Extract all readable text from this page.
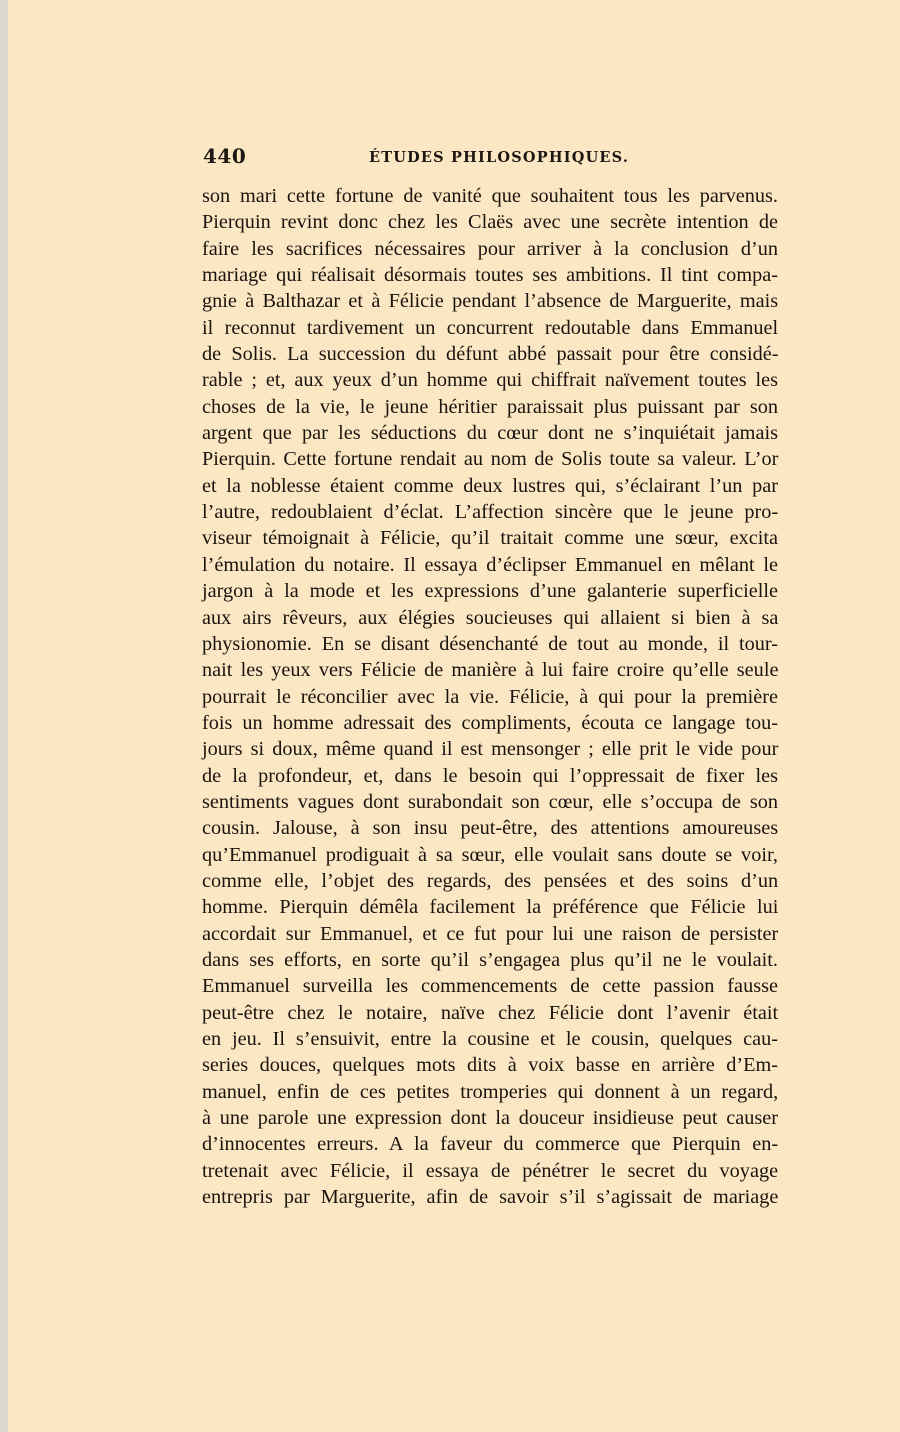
440	ÉTUDES PHILOSOPHIQUES.
son mari cette fortune de vanité que souhaitent tous les parvenus.
Pierquin revint donc chez les Claës avec une secrète intention de
faire les sacrifices nécessaires pour arriver à la conclusion d’un
mariage qui réalisait désormais toutes ses ambitions. Il tint compa-
gnie à Balthazar et à Félicie pendant l’absence de Marguerite, mais
il reconnut tardivement un concurrent redoutable dans Emmanuel
de Solis. La succession du défunt abbé passait pour être considé-
rable ; et, aux yeux d’un homme qui chiffrait naïvement toutes les
choses de la vie, le jeune héritier paraissait plus puissant par son
argent que par les séductions du cœur dont ne s’inquiétait jamais
Pierquin. Cette fortune rendait au nom de Solis toute sa valeur. L’or
et la noblesse étaient comme deux lustres qui, s’éclairant l’un par
l’autre, redoublaient d’éclat. L’affection sincère que le jeune pro-
viseur témoignait à Félicie, qu’il traitait comme une sœur, excita
l’émulation du notaire. Il essaya d’éclipser Emmanuel en mêlant le
jargon à la mode et les expressions d’une galanterie superficielle
aux airs rêveurs, aux élégies soucieuses qui allaient si bien à sa
physionomie. En se disant désenchanté de tout au monde, il tour-
nait les yeux vers Félicie de manière à lui faire croire qu’elle seule
pourrait le réconcilier avec la vie. Félicie, à qui pour la première
fois un homme adressait des compliments, écouta ce langage tou-
jours si doux, même quand il est mensonger ; elle prit le vide pour
de la profondeur, et, dans le besoin qui l’oppressait de fixer les
sentiments vagues dont surabondait son cœur, elle s’occupa de son
cousin. Jalouse, à son insu peut-être, des attentions amoureuses
qu’Emmanuel prodiguait à sa sœur, elle voulait sans doute se voir,
comme elle, l’objet des regards, des pensées et des soins d’un
homme. Pierquin démêla facilement la préférence que Félicie lui
accordait sur Emmanuel, et ce fut pour lui une raison de persister
dans ses efforts, en sorte qu’il s’engagea plus qu’il ne le voulait.
Emmanuel surveilla les commencements de cette passion fausse
peut-être chez le notaire, naïve chez Félicie dont l’avenir était
en jeu. Il s’ensuivit, entre la cousine et le cousin, quelques cau-
series douces, quelques mots dits à voix basse en arrière d’Em-
manuel, enfin de ces petites tromperies qui donnent à un regard,
à une parole une expression dont la douceur insidieuse peut causer
d’innocentes erreurs. A la faveur du commerce que Pierquin en-
tretenait avec Félicie, il essaya de pénétrer le secret du voyage
entrepris par Marguerite, afin de savoir s’il s’agissait de mariage
